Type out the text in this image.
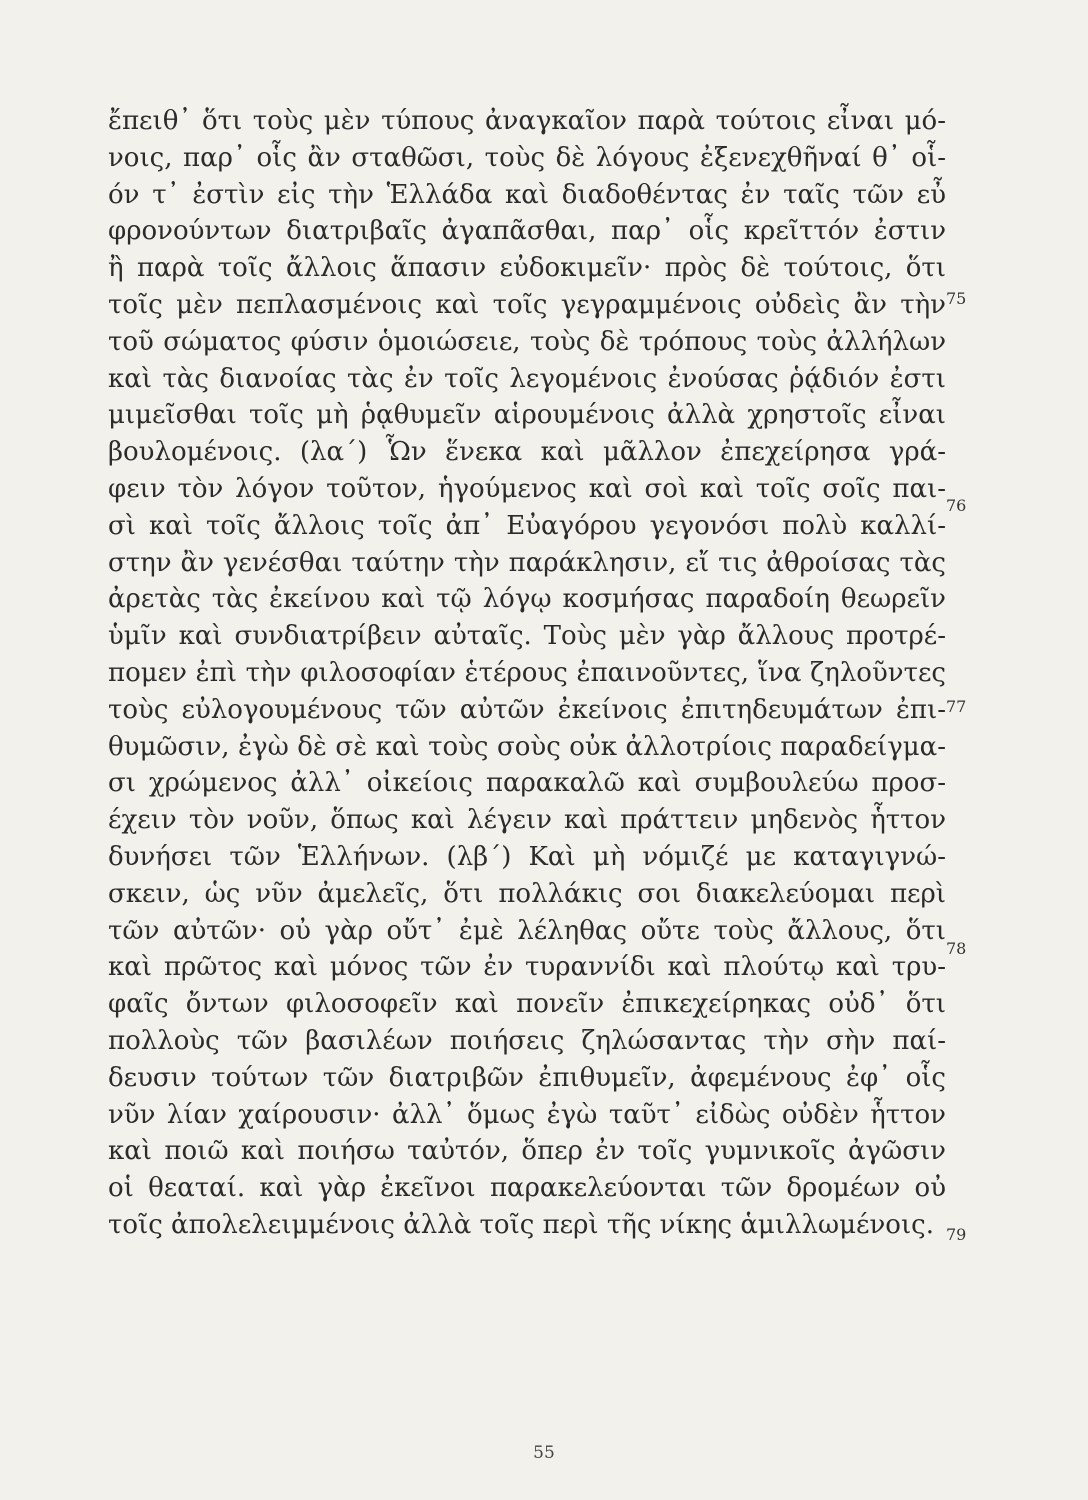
ἔπειθ᾽ ὅτι τοὺς μὲν τύπους ἀναγκαῖον παρὰ τούτοις εἶναι μό-
νοις, παρ᾽ οἷς ἂν σταθῶσι, τοὺς δὲ λόγους ἐξενεχθῆναί θ᾽ οἷ-
όν τ᾽ ἐστὶν εἰς τὴν Ἑλλάδα καὶ διαδοθέντας ἐν ταῖς τῶν εὖ
φρονούντων διατριβαῖς ἀγαπᾶσθαι, παρ᾽ οἷς κρεῖττόν ἐστιν
ἢ παρὰ τοῖς ἄλλοις ἅπασιν εὐδοκιμεῖν· πρὸς δὲ τούτοις, ὅτι
τοῖς μὲν πεπλασμένοις καὶ τοῖς γεγραμμένοις οὐδεὶς ἂν τὴν
τοῦ σώματος φύσιν ὁμοιώσειε, τοὺς δὲ τρόπους τοὺς ἀλλήλων
καὶ τὰς διανοίας τὰς ἐν τοῖς λεγομένοις ἐνούσας ῥᾴδιόν ἐστι
μιμεῖσθαι τοῖς μὴ ῥᾳθυμεῖν αἱρουμένοις ἀλλὰ χρηστοῖς εἶναι
βουλομένοις. (λα´) Ὧν ἕνεκα καὶ μᾶλλον ἐπεχείρησα γρά-
φειν τὸν λόγον τοῦτον, ἡγούμενος καὶ σοὶ καὶ τοῖς σοῖς παι-
σὶ καὶ τοῖς ἄλλοις τοῖς ἀπ᾽ Εὐαγόρου γεγονόσι πολὺ καλλί-
στην ἂν γενέσθαι ταύτην τὴν παράκλησιν, εἴ τις ἀθροίσας τὰς
ἀρετὰς τὰς ἐκείνου καὶ τῷ λόγῳ κοσμήσας παραδοίη θεωρεῖν
ὑμῖν καὶ συνδιατρίβειν αὐταῖς. Τοὺς μὲν γὰρ ἄλλους προτρέ-
πομεν ἐπὶ τὴν φιλοσοφίαν ἑτέρους ἐπαινοῦντες, ἵνα ζηλοῦντες
τοὺς εὐλογουμένους τῶν αὐτῶν ἐκείνοις ἐπιτηδευμάτων ἐπι-
θυμῶσιν, ἐγὼ δὲ σὲ καὶ τοὺς σοὺς οὐκ ἀλλοτρίοις παραδείγμα-
σι χρώμενος ἀλλ᾽ οἰκείοις παρακαλῶ καὶ συμβουλεύω προσ-
έχειν τὸν νοῦν, ὅπως καὶ λέγειν καὶ πράττειν μηδενὸς ἧττον
δυνήσει τῶν Ἑλλήνων. (λβ´) Καὶ μὴ νόμιζέ με καταγιγνώ-
σκειν, ὡς νῦν ἀμελεῖς, ὅτι πολλάκις σοι διακελεύομαι περὶ
τῶν αὐτῶν· οὐ γὰρ οὔτ᾽ ἐμὲ λέληθας οὔτε τοὺς ἄλλους, ὅτι
καὶ πρῶτος καὶ μόνος τῶν ἐν τυραννίδι καὶ πλούτῳ καὶ τρυ-
φαῖς ὄντων φιλοσοφεῖν καὶ πονεῖν ἐπικεχείρηκας οὐδ᾽ ὅτι
πολλοὺς τῶν βασιλέων ποιήσεις ζηλώσαντας τὴν σὴν παί-
δευσιν τούτων τῶν διατριβῶν ἐπιθυμεῖν, ἀφεμένους ἐφ᾽ οἷς
νῦν λίαν χαίρουσιν· ἀλλ᾽ ὅμως ἐγὼ ταῦτ᾽ εἰδὼς οὐδὲν ἧττον
καὶ ποιῶ καὶ ποιήσω ταὐτόν, ὅπερ ἐν τοῖς γυμνικοῖς ἀγῶσιν
οἱ θεαταί. καὶ γὰρ ἐκεῖνοι παρακελεύονται τῶν δρομέων οὐ
τοῖς ἀπολελειμμένοις ἀλλὰ τοῖς περὶ τῆς νίκης ἁμιλλωμένοις.
75
76
77
78
79
55
